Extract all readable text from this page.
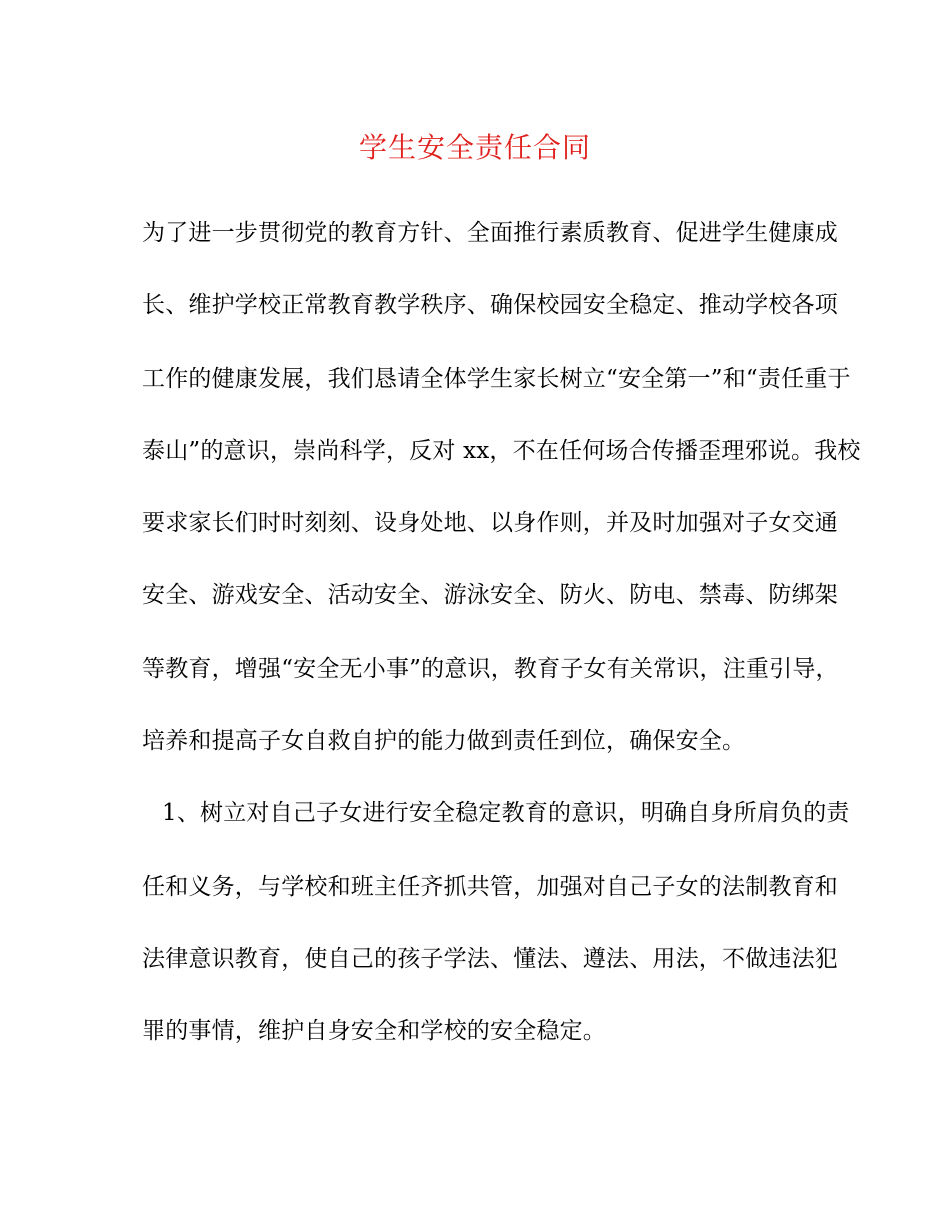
学生安全责任合同
为了进一步贯彻党的教育方针、全面推行素质教育、促进学生健康成
长、维护学校正常教育教学秩序、确保校园安全稳定、推动学校各项
工作的健康发展，我们恳请全体学生家长树立“安全第一”和“责任重于
泰山”的意识，崇尚科学，反对 xx，不在任何场合传播歪理邪说。我校
要求家长们时时刻刻、设身处地、以身作则，并及时加强对子女交通
安全、游戏安全、活动安全、游泳安全、防火、防电、禁毒、防绑架
等教育，增强“安全无小事”的意识，教育子女有关常识，注重引导，
培养和提高子女自救自护的能力做到责任到位，确保安全。
1、树立对自己子女进行安全稳定教育的意识，明确自身所肩负的责
任和义务，与学校和班主任齐抓共管，加强对自己子女的法制教育和
法律意识教育，使自己的孩子学法、懂法、遵法、用法，不做违法犯
罪的事情，维护自身安全和学校的安全稳定。
